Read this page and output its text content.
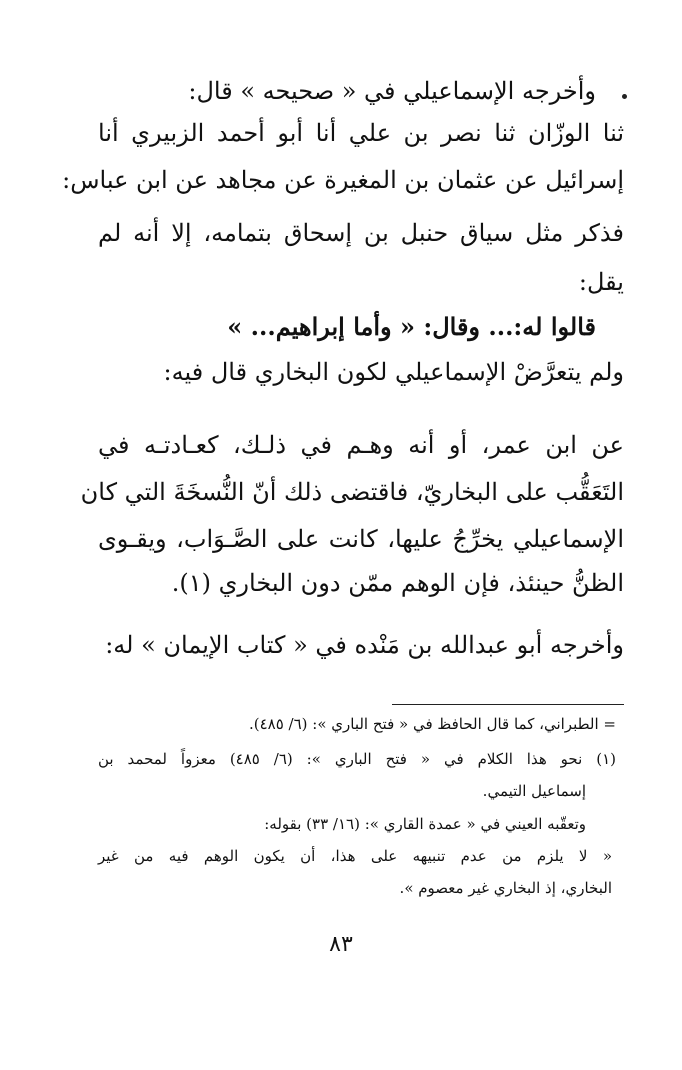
وأخرجه الإسماعيلي في « صحيحه » قال:
ثنا الوزّان ثنا نصر بن علي أنا أبو أحمد الزبيري أنا
إسرائيل عن عثمان بن المغيرة عن مجاهد عن ابن عباس:
فذكر مثل سياق حنبل بن إسحاق بتمامه، إلا أنه لم
يقل:
قالوا له:... وقال: « وأما إبراهيم... »
ولم يتعرَّضْ الإسماعيلي لكون البخاري قال فيه:
عن ابن عمر، أو أنه وهـم في ذلـك، كعـادتـه في
التَعَقُّب على البخاريّ، فاقتضى ذلك أنّ النُّسخَةَ التي كان
الإسماعيلي يخرِّجُ عليها، كانت على الصَّـوَاب، ويقـوى
الظنُّ حينئذ، فإن الوهم ممّن دون البخاري (١).
وأخرجه أبو عبدالله بن مَنْده في « كتاب الإيمان » له:
= الطبراني، كما قال الحافظ في « فتح الباري »: (٦/ ٤٨٥).
(١) نحو هذا الكلام في « فتح الباري »: (٦/ ٤٨٥) معزواً لمحمد بن
إسماعيل التيمي.
وتعقّبه العيني في « عمدة القاري »: (١٦/ ٣٣) بقوله:
« لا يلزم من عدم تنبيهه على هذا، أن يكون الوهم فيه من غير
البخاري، إذ البخاري غير معصوم ».
٨٣
